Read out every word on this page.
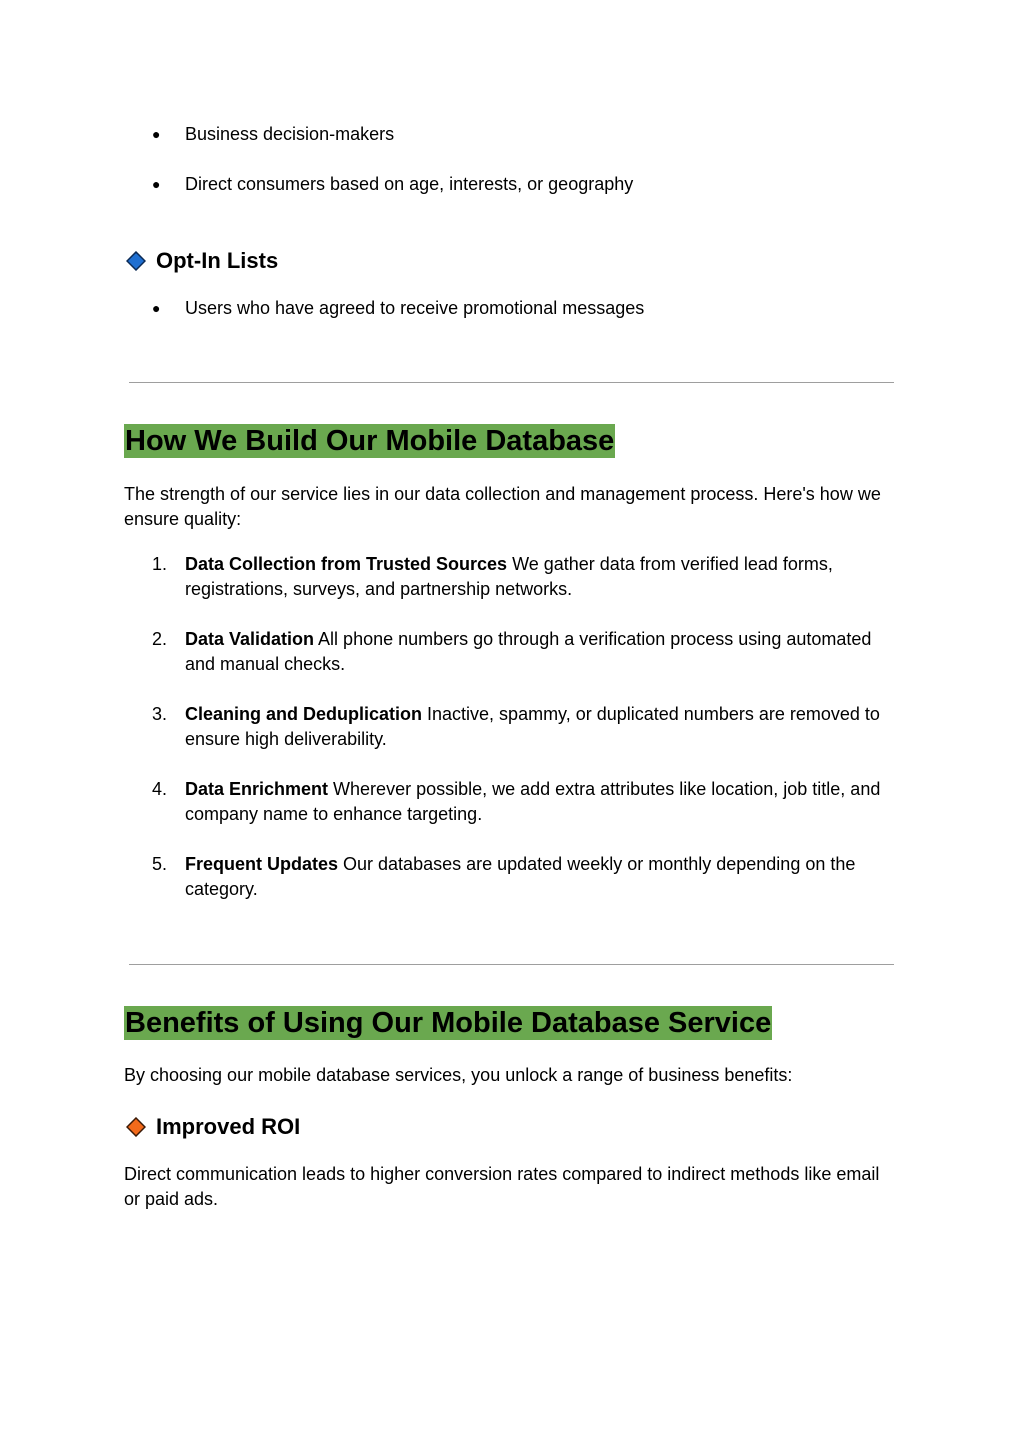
●	Business decision-makers
●	Direct consumers based on age, interests, or geography
Opt-In Lists
●	Users who have agreed to receive promotional messages
How We Build Our Mobile Database
The strength of our service lies in our data collection and management process. Here's how we ensure quality:
1. Data Collection from Trusted Sources We gather data from verified lead forms, registrations, surveys, and partnership networks.
2. Data Validation All phone numbers go through a verification process using automated and manual checks.
3. Cleaning and Deduplication Inactive, spammy, or duplicated numbers are removed to ensure high deliverability.
4. Data Enrichment Wherever possible, we add extra attributes like location, job title, and company name to enhance targeting.
5. Frequent Updates Our databases are updated weekly or monthly depending on the category.
Benefits of Using Our Mobile Database Service
By choosing our mobile database services, you unlock a range of business benefits:
Improved ROI
Direct communication leads to higher conversion rates compared to indirect methods like email or paid ads.
